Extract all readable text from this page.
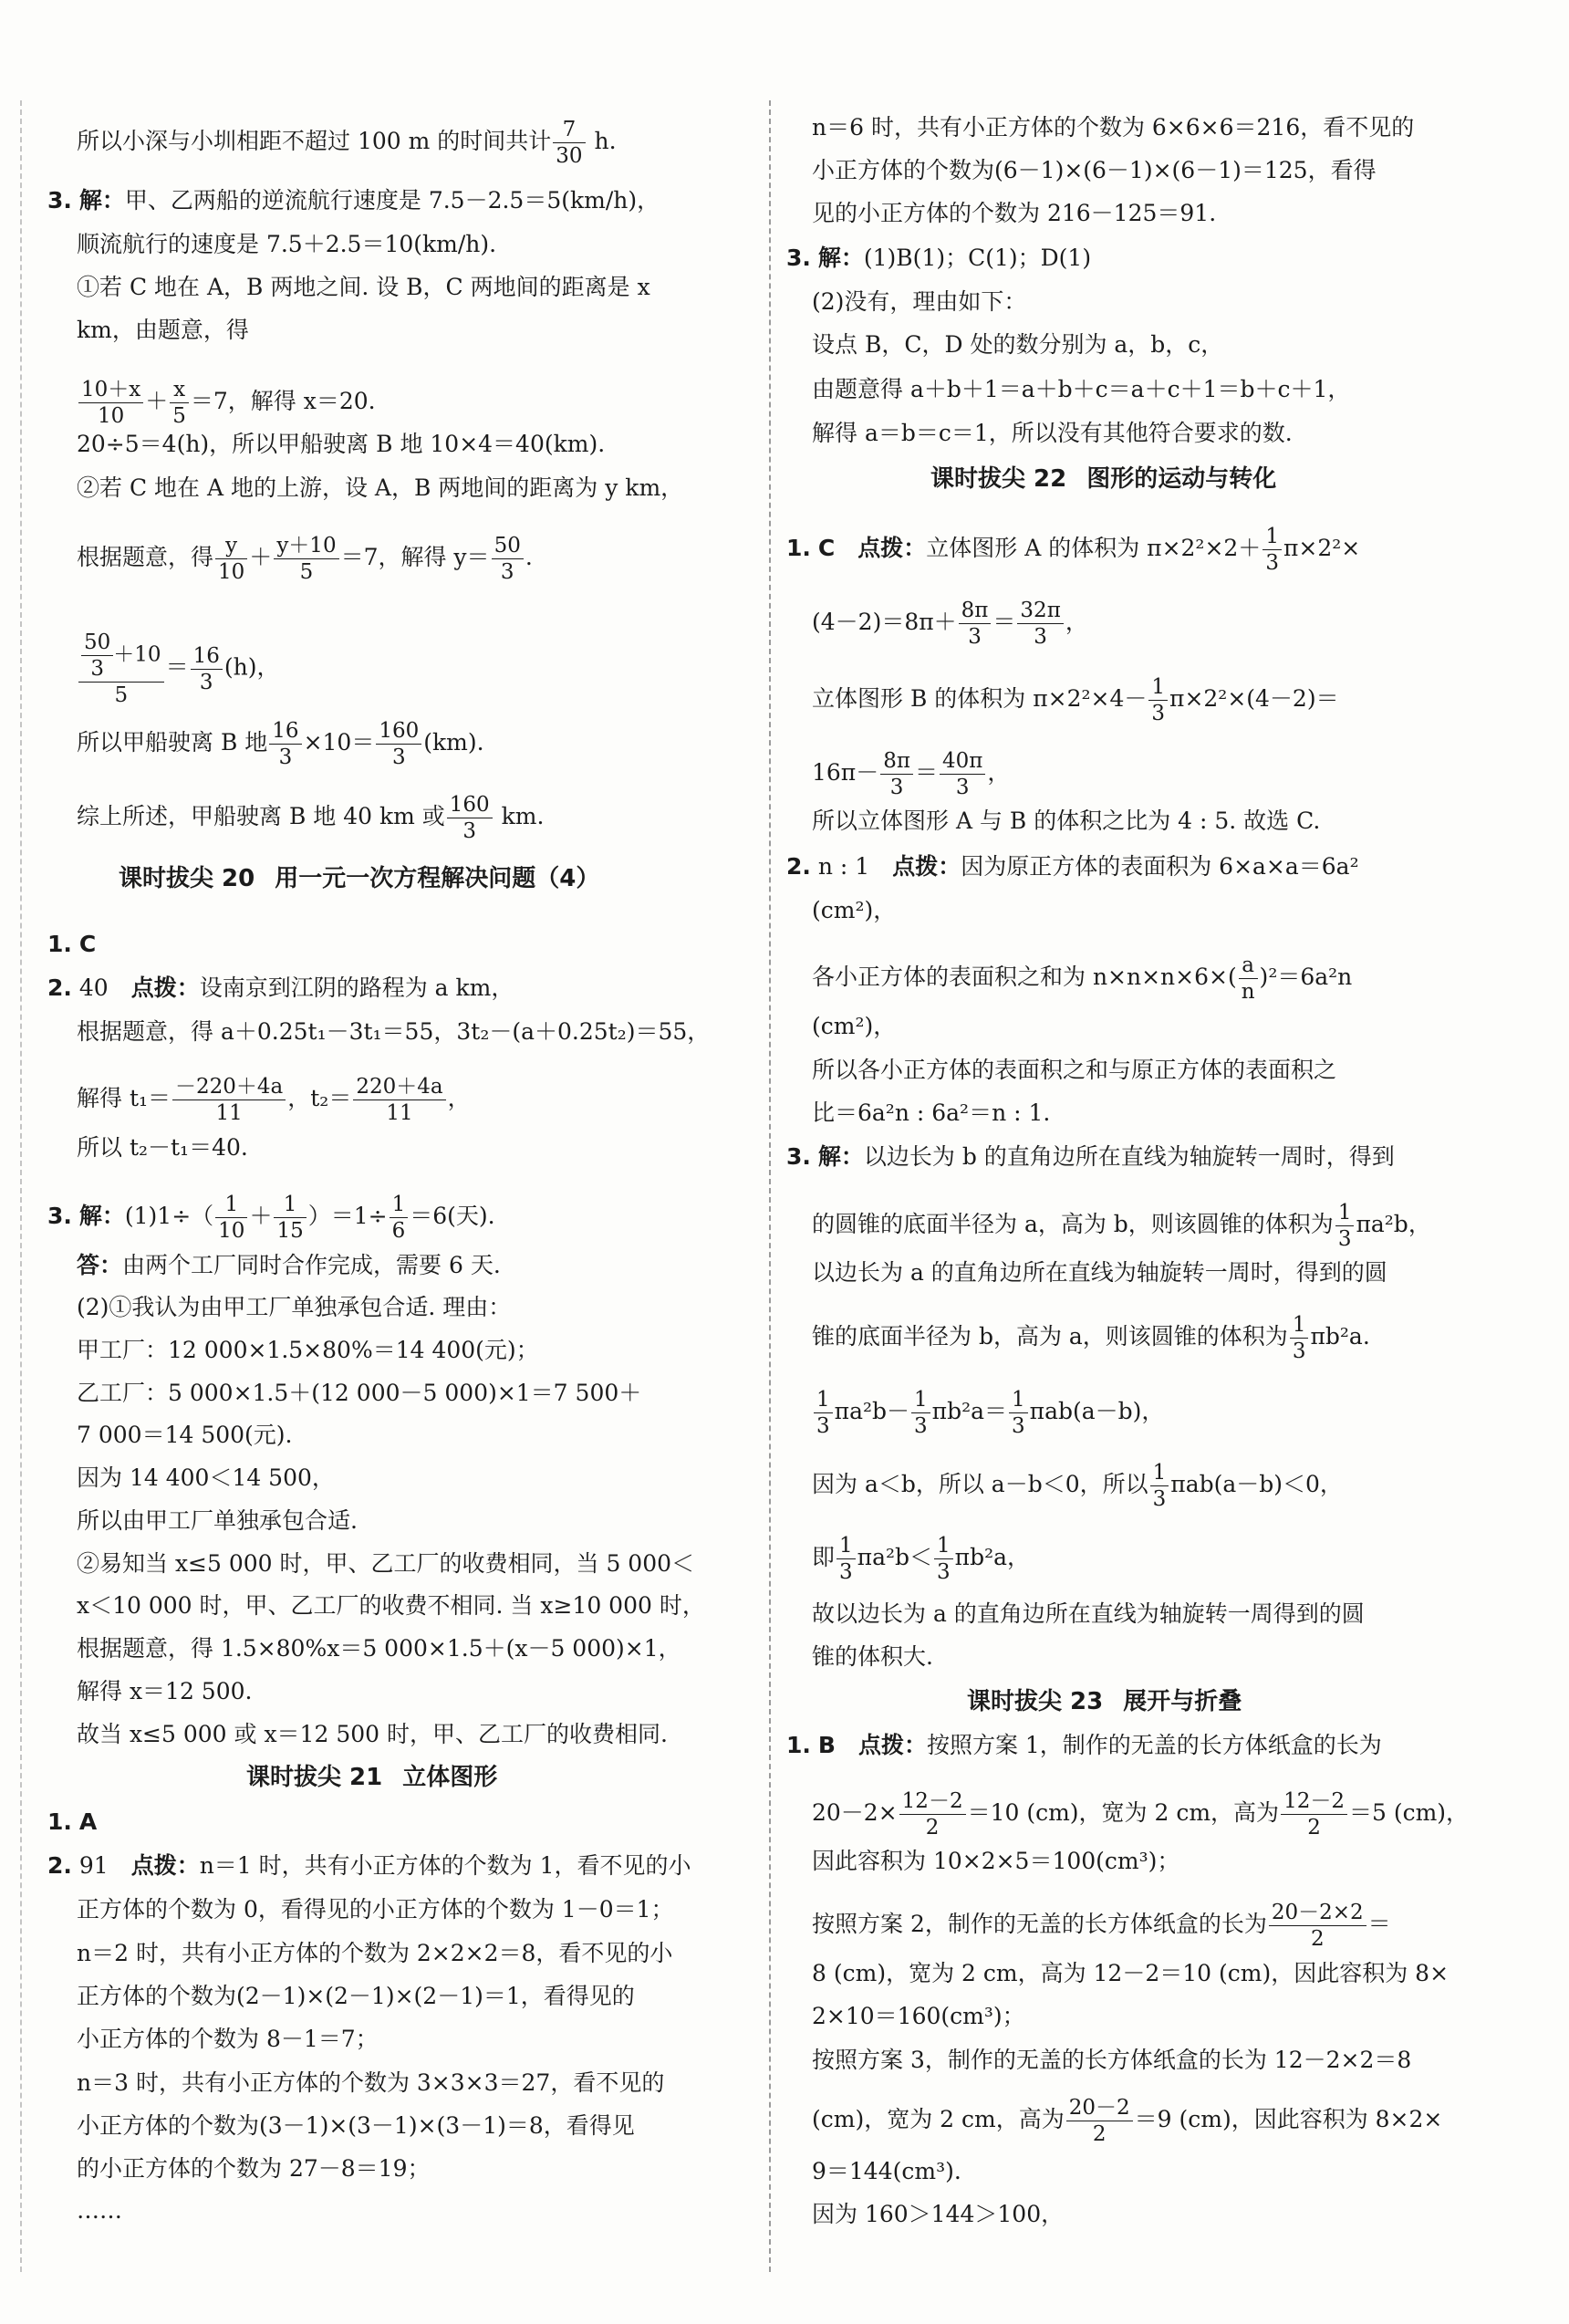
所以小深与小圳相距不超过 100 m 的时间共计 $\frac{7}{30} h$.
3. 解：甲、乙两船的逆流航行速度是 7.5－2.5＝5(km/h)，
顺流航行的速度是 7.5＋2.5＝10(km/h).
①若 C 地在 A，B 两地之间. 设 B，C 两地间的距离是 x
km，由题意，得
$\frac{10+x}{10} + \frac{x}{5} =7$，解得 x＝20.
20÷5＝4(h)，所以甲船驶离 B 地 10×4＝40(km).
②若 C 地在 A 地的上游，设 A，B 两地间的距离为 y km，
根据题意，得 $\frac{y}{10} + \frac{y+10}{5} =7$，解得 $y= \frac{50}{3}$ .
$\frac{\frac{50}{3} +10}{5} = \frac{16}{3} (h)$，
所以甲船驶离 B 地 $\frac{16}{3} \times 10= \frac{160}{3} (km)$.
综上所述，甲船驶离 B 地 40 km 或 $\frac{160}{3}$ km.
课时拔尖 20 用一元一次方程解决问题（4）
1. C
2. 40　 点拨：设南京到江阴的路程为 a km，
根据题意，得 a＋0.25t₁－3t₁＝55，3t₂－(a＋0.25t₂)＝55，
解得 $t_1= \frac{-220+4a}{11}$ ，$t_2= \frac{220+4a}{11}$ ，
所以 t₂－t₁＝40.
3. 解：$(1)1\div( \frac{1}{10} + \frac{1}{15} )=1\div \frac{1}{6} =6$(天).
答：由两个工厂同时合作完成，需要 6 天.
(2)①我认为由甲工厂单独承包合适. 理由：
甲工厂：12 000×1.5×80%＝14 400(元)；
乙工厂：5 000×1.5＋(12 000－5 000)×1＝7 500＋
7 000＝14 500(元).
因为 14 400＜14 500，
所以由甲工厂单独承包合适.
②易知当 x≤5 000 时，甲、乙工厂的收费相同，当 5 000＜
x＜10 000 时，甲、乙工厂的收费不相同. 当 x≥10 000 时，
根据题意，得 1.5×80%x＝5 000×1.5＋(x－5 000)×1，
解得 x＝12 500.
故当 x≤5 000 或 x＝12 500 时，甲、乙工厂的收费相同.
课时拔尖 21 立体图形
1. A
2. 91　 点拨：n＝1 时，共有小正方体的个数为 1，看不见的小
正方体的个数为 0，看得见的小正方体的个数为 1－0＝1；
n＝2 时，共有小正方体的个数为 2×2×2＝8，看不见的小
正方体的个数为(2－1)×(2－1)×(2－1)＝1，看得见的
小正方体的个数为 8－1＝7；
n＝3 时，共有小正方体的个数为 3×3×3＝27，看不见的
小正方体的个数为(3－1)×(3－1)×(3－1)＝8，看得见
的小正方体的个数为 27－8＝19；
……
n＝6 时，共有小正方体的个数为 6×6×6＝216，看不见的
小正方体的个数为(6－1)×(6－1)×(6－1)＝125，看得
见的小正方体的个数为 216－125＝91.
3. 解：(1)B(1)；C(1)；D(1)
(2)没有，理由如下：
设点 B，C，D 处的数分别为 a，b，c，
由题意得 a＋b＋1＝a＋b＋c＝a＋c＋1＝b＋c＋1，
解得 a＝b＝c＝1，所以没有其他符合要求的数.
课时拔尖 22 图形的运动与转化
1. C　 点拨：立体图形 A 的体积为 $\pi\times 2^2\times 2+ \frac{1}{3} \pi\times 2^2\times$
$(4-2)=8\pi+ \frac{8\pi}{3} = \frac{32\pi}{3}$ ，
立体图形 B 的体积为 $\pi\times 2^2\times 4- \frac{1}{3} \pi\times 2^2\times(4-2)=$
$16\pi- \frac{8\pi}{3} = \frac{40\pi}{3}$ ，
所以立体图形 A 与 B 的体积之比为 4 : 5. 故选 C.
2. n : 1　 点拨：因为原正方体的表面积为 6×a×a＝6a²
(cm²)，
各小正方体的表面积之和为 $n\times n\times n\times 6\times( \frac{a}{n} )^2=6a^2n$
(cm²)，
所以各小正方体的表面积之和与原正方体的表面积之
比＝6a²n : 6a²＝n : 1.
3. 解：以边长为 b 的直角边所在直线为轴旋转一周时，得到
的圆锥的底面半径为 a，高为 b，则该圆锥的体积为 $\frac{1}{3} \pi a^2b$，
以边长为 a 的直角边所在直线为轴旋转一周时，得到的圆
锥的底面半径为 b，高为 a，则该圆锥的体积为 $\frac{1}{3} \pi b^2a$.
$\frac{1}{3} \pi a^2b- \frac{1}{3} \pi b^2a= \frac{1}{3} \pi ab(a-b)$，
因为 a＜b，所以 a－b＜0，所以 $\frac{1}{3} \pi ab(a-b)<0$，
即 $\frac{1}{3} \pi a^2b< \frac{1}{3} \pi b^2a$，
故以边长为 a 的直角边所在直线为轴旋转一周得到的圆
锥的体积大.
课时拔尖 23 展开与折叠
1. B　 点拨：按照方案 1，制作的无盖的长方体纸盒的长为
$20-2\times \frac{12-2}{2} =10$ (cm)，宽为 2 cm，高为 $\frac{12-2}{2} =5$ (cm)，
因此容积为 10×2×5＝100(cm³)；
按照方案 2，制作的无盖的长方体纸盒的长为 $\frac{20-2\times 2}{2}$ ＝
8 (cm)，宽为 2 cm，高为 12－2＝10 (cm)，因此容积为 8×
2×10＝160(cm³)；
按照方案 3，制作的无盖的长方体纸盒的长为 12－2×2＝8
(cm)，宽为 2 cm，高为 $\frac{20-2}{2} =9$ (cm)，因此容积为 8×2×
9＝144(cm³).
因为 160＞144＞100，
